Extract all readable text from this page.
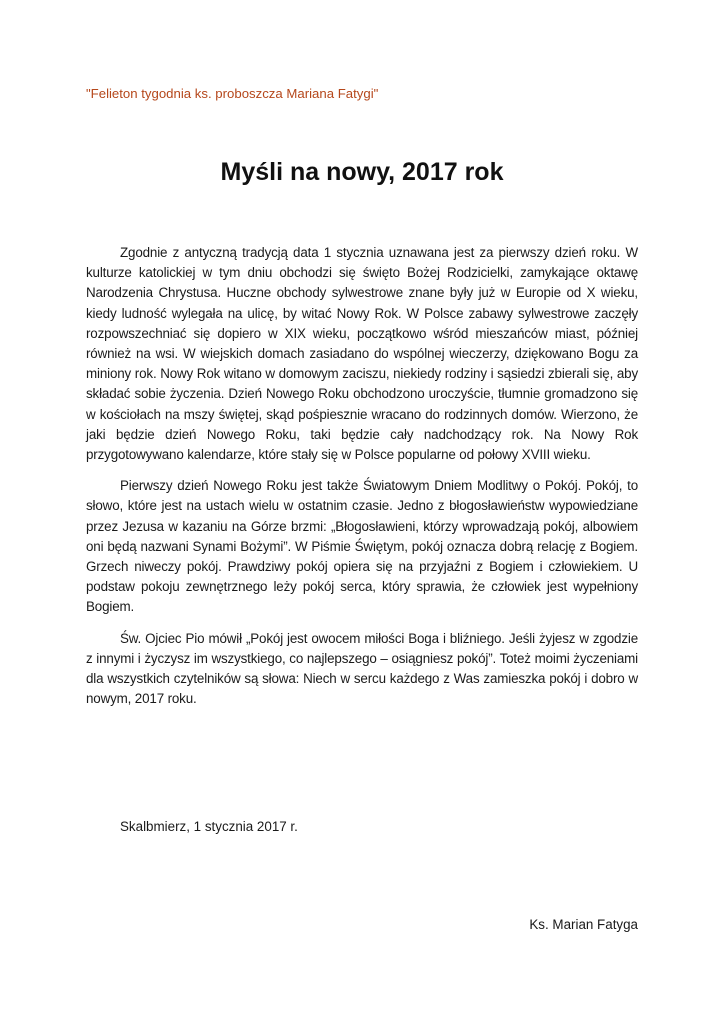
"Felieton tygodnia ks. proboszcza Mariana Fatygi"
Myśli na nowy, 2017 rok

Zgodnie z antyczną tradycją data 1 stycznia uznawana jest za pierwszy dzień roku. W kulturze katolickiej w tym dniu obchodzi się święto Bożej Rodzicielki, zamykające oktawę Narodzenia Chrystusa. Huczne obchody sylwestrowe znane były już w Europie od X wieku, kiedy ludność wylegała na ulicę, by witać Nowy Rok. W Polsce zabawy sylwestrowe zaczęły rozpowszechniać się dopiero w XIX wieku, początkowo wśród mieszańców miast, później również na wsi. W wiejskich domach zasiadano do wspólnej wieczerzy, dziękowano Bogu za miniony rok. Nowy Rok witano w domowym zaciszu, niekiedy rodziny i sąsiedzi zbierali się, aby składać sobie życzenia. Dzień Nowego Roku obchodzono uroczyście, tłumnie gromadzono się w kościołach na mszy świętej, skąd pośpiesznie wracano do rodzinnych domów. Wierzono, że jaki będzie dzień Nowego Roku, taki będzie cały nadchodzący rok. Na Nowy Rok przygotowywano kalendarze, które stały się w Polsce popularne od połowy XVIII wieku.

Pierwszy dzień Nowego Roku jest także Światowym Dniem Modlitwy o Pokój. Pokój, to słowo, które jest na ustach wielu w ostatnim czasie. Jedno z błogosławieństw wypowiedziane przez Jezusa w kazaniu na Górze brzmi: „Błogosławieni, którzy wprowadzają pokój, albowiem oni będą nazwani Synami Bożymi”. W Piśmie Świętym, pokój oznacza dobrą relację z Bogiem. Grzech niweczy pokój. Prawdziwy pokój opiera się na przyjaźni z Bogiem i człowiekiem. U podstaw pokoju zewnętrznego leży pokój serca, który sprawia, że człowiek jest wypełniony Bogiem.

Św. Ojciec Pio mówił „Pokój jest owocem miłości Boga i bliźniego. Jeśli żyjesz w zgodzie z innymi i życzysz im wszystkiego, co najlepszego – osiągniesz pokój”. Toteż moimi życzeniami dla wszystkich czytelników są słowa: Niech w sercu każdego z Was zamieszka pokój i dobro w nowym, 2017 roku.

Skalbmierz, 1 stycznia 2017 r.
Ks. Marian Fatyga
